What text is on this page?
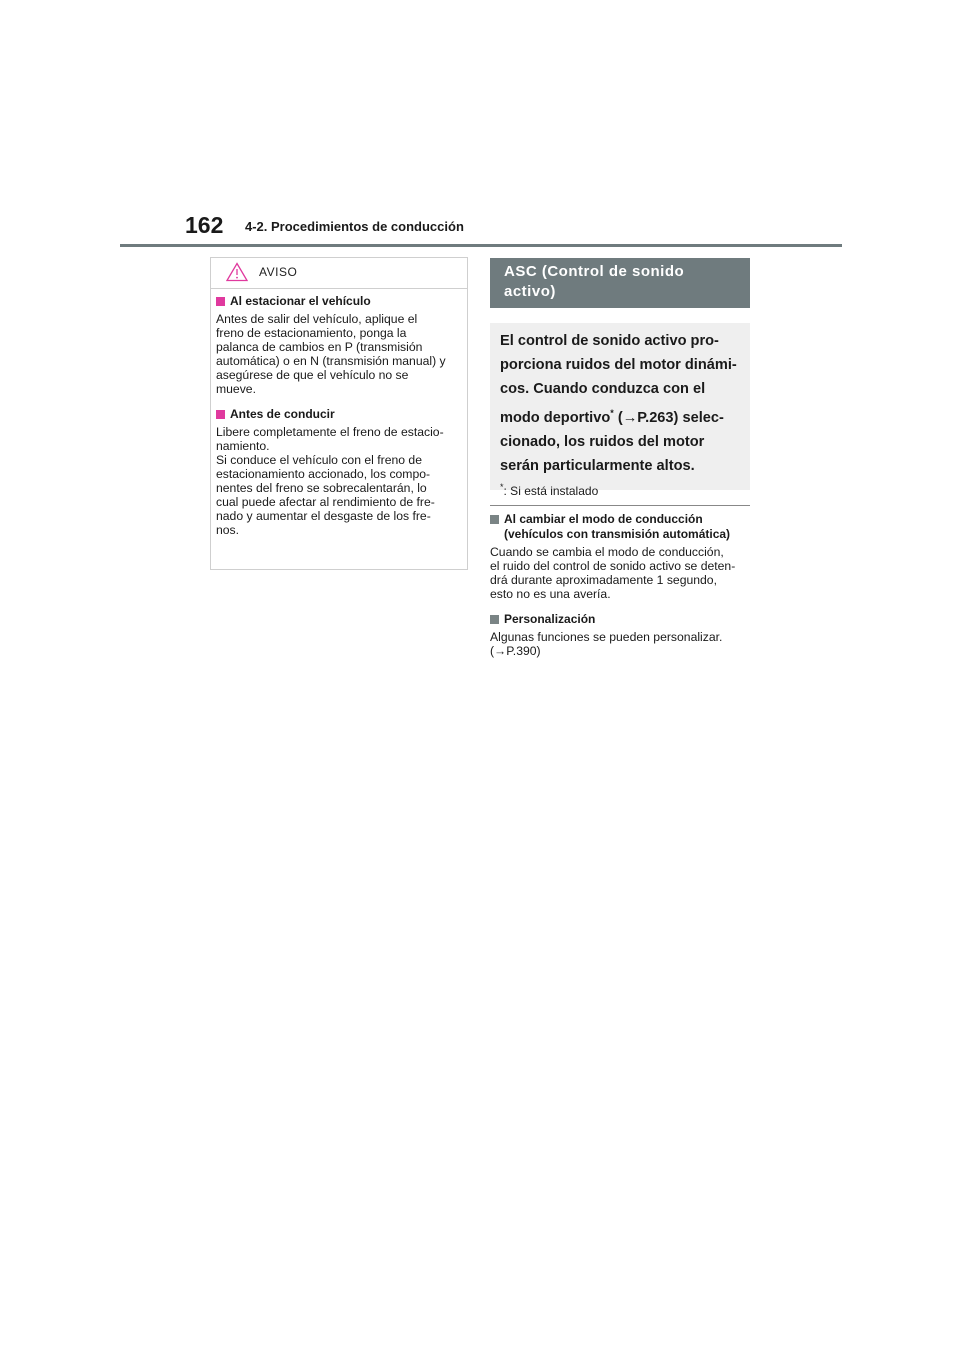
162 4-2. Procedimientos de conducción
AVISO
Al estacionar el vehículo

Antes de salir del vehículo, aplique el
freno de estacionamiento, ponga la
palanca de cambios en P (transmisión
automática) o en N (transmisión manual) y
asegúrese de que el vehículo no se
mueve.

Antes de conducir

Libere completamente el freno de estacio-
namiento.
Si conduce el vehículo con el freno de
estacionamiento accionado, los compo-
nentes del freno se sobrecalentarán, lo
cual puede afectar al rendimiento de fre-
nado y aumentar el desgaste de los fre-
nos.

ASC (Control de sonido
activo)

El control de sonido activo pro-
porciona ruidos del motor dinámi-
cos. Cuando conduzca con el
modo deportivo* (→P.263) selec-
cionado, los ruidos del motor
serán particularmente altos.

*: Si está instalado
Al cambiar el modo de conducción
(vehículos con transmisión automática)

Cuando se cambia el modo de conducción,
el ruido del control de sonido activo se deten-
drá durante aproximadamente 1 segundo,
esto no es una avería.

Personalización

Algunas funciones se pueden personalizar.
(→P.390)
